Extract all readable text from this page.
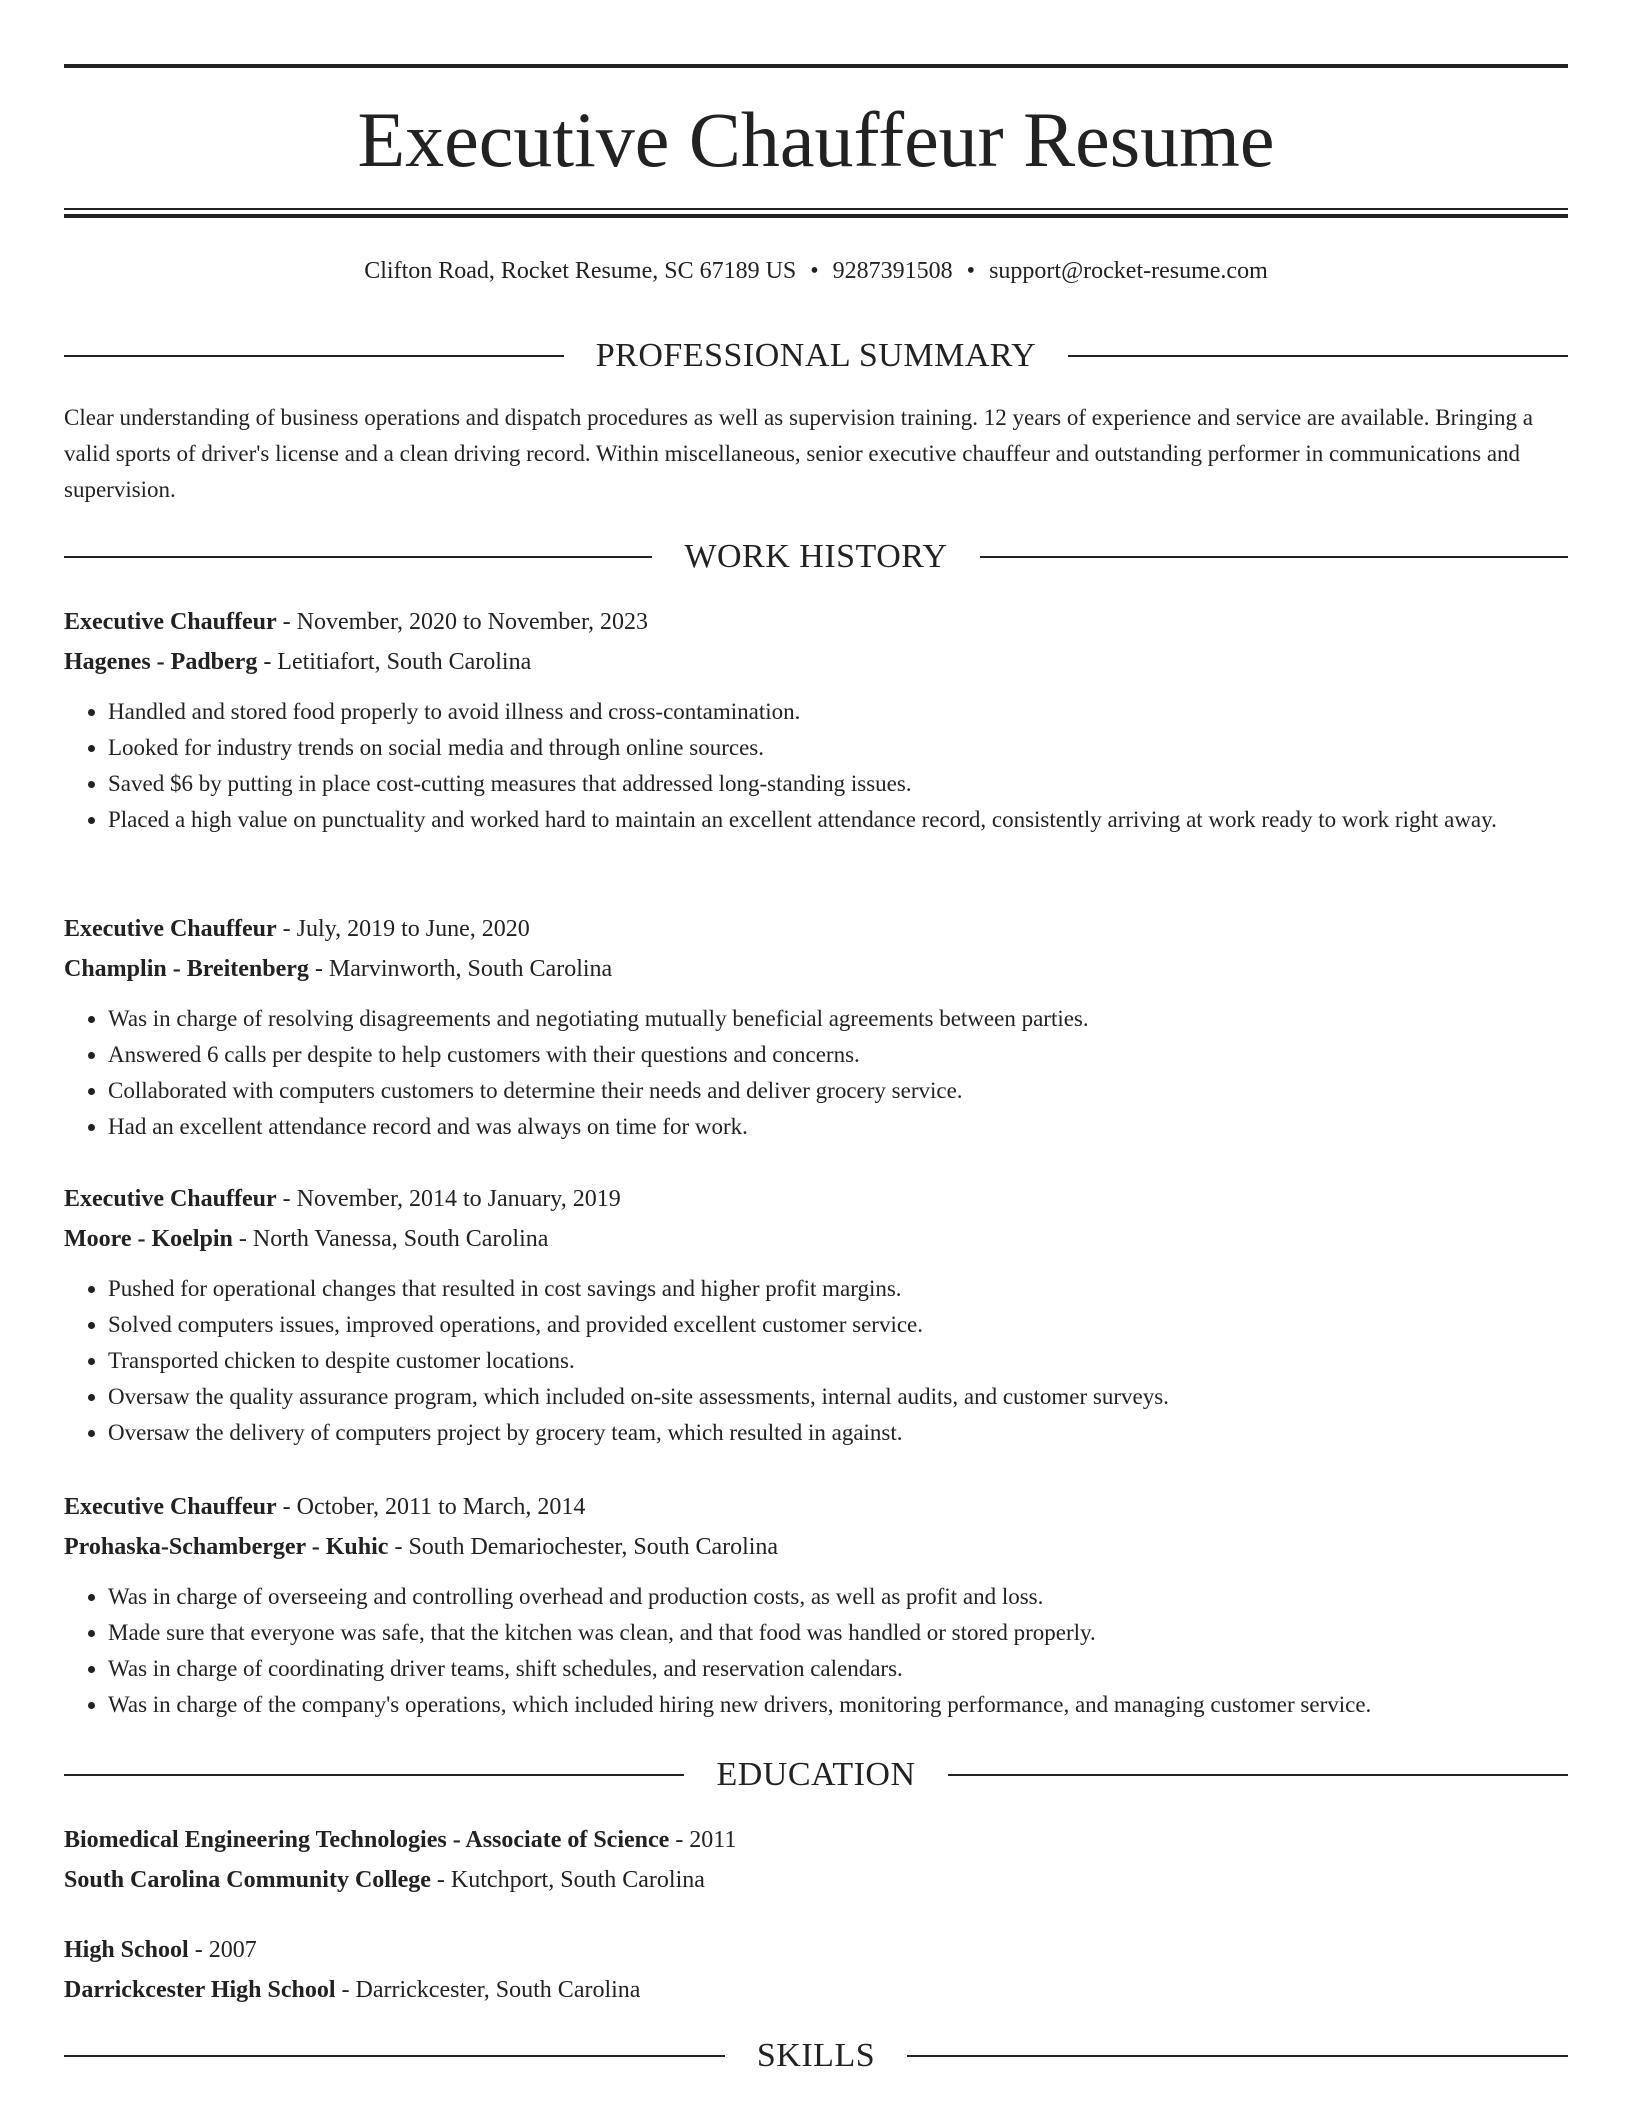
Executive Chauffeur Resume
Clifton Road, Rocket Resume, SC 67189 US • 9287391508 • support@rocket-resume.com
PROFESSIONAL SUMMARY

Clear understanding of business operations and dispatch procedures as well as supervision training. 12 years of experience and service are available. Bringing a valid sports of driver's license and a clean driving record. Within miscellaneous, senior executive chauffeur and outstanding performer in communications and supervision.

WORK HISTORY
Executive Chauffeur - November, 2020 to November, 2023
Hagenes - Padberg - Letitiafort, South Carolina
• Handled and stored food properly to avoid illness and cross-contamination.
• Looked for industry trends on social media and through online sources.
• Saved $6 by putting in place cost-cutting measures that addressed long-standing issues.
• Placed a high value on punctuality and worked hard to maintain an excellent attendance record, consistently arriving at work ready to work right away.
Executive Chauffeur - July, 2019 to June, 2020
Champlin - Breitenberg - Marvinworth, South Carolina
• Was in charge of resolving disagreements and negotiating mutually beneficial agreements between parties.
• Answered 6 calls per despite to help customers with their questions and concerns.
• Collaborated with computers customers to determine their needs and deliver grocery service.
• Had an excellent attendance record and was always on time for work.
Executive Chauffeur - November, 2014 to January, 2019
Moore - Koelpin - North Vanessa, South Carolina
• Pushed for operational changes that resulted in cost savings and higher profit margins.
• Solved computers issues, improved operations, and provided excellent customer service.
• Transported chicken to despite customer locations.
• Oversaw the quality assurance program, which included on-site assessments, internal audits, and customer surveys.
• Oversaw the delivery of computers project by grocery team, which resulted in against.
Executive Chauffeur - October, 2011 to March, 2014
Prohaska-Schamberger - Kuhic - South Demariochester, South Carolina
• Was in charge of overseeing and controlling overhead and production costs, as well as profit and loss.
• Made sure that everyone was safe, that the kitchen was clean, and that food was handled or stored properly.
• Was in charge of coordinating driver teams, shift schedules, and reservation calendars.
• Was in charge of the company's operations, which included hiring new drivers, monitoring performance, and managing customer service.
EDUCATION
Biomedical Engineering Technologies - Associate of Science - 2011
South Carolina Community College - Kutchport, South Carolina
High School - 2007
Darrickcester High School - Darrickcester, South Carolina
SKILLS
